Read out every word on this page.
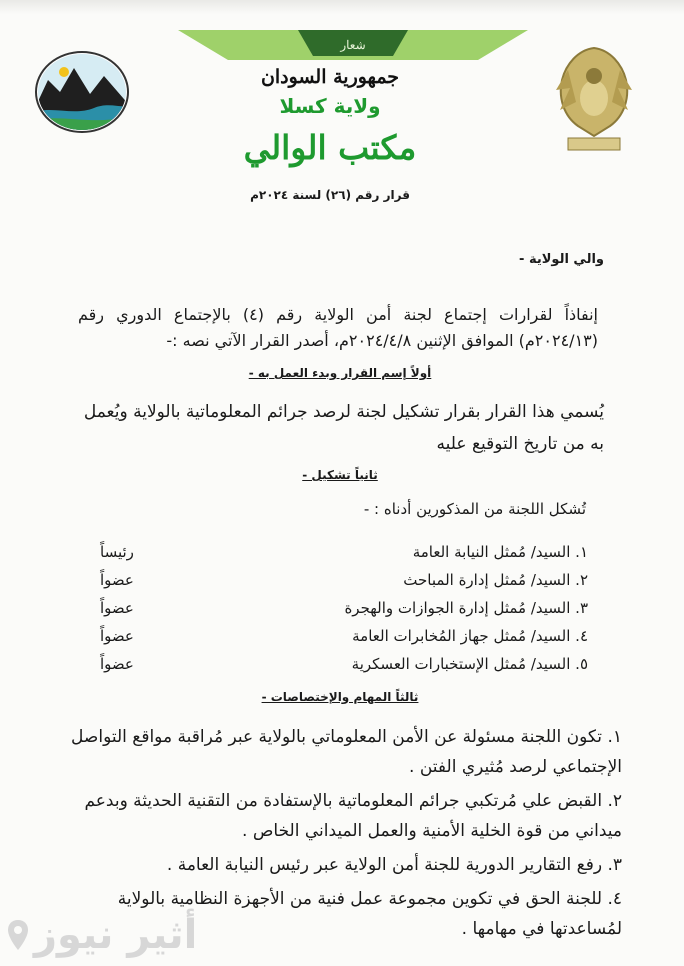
شعار
جمهورية السودان
ولاية كسلا
مكتب الوالي
قرار رقم (٢٦) لسنة ٢٠٢٤م
والي الولاية -
إنفاذاً لقرارات إجتماع لجنة أمن الولاية رقم (٤) بالإجتماع الدوري رقم (٢٠٢٤/١٣م) الموافق الإثنين ٢٠٢٤/٤/٨م، أصدر القرار الآتي نصه :-
أولاً إسم القرار وبدء العمل به -
يُسمي هذا القرار بقرار تشكيل لجنة لرصد جرائم المعلوماتية بالولاية ويُعمل به من تاريخ التوقيع عليه
ثانياً تشكيل -
تُشكل اللجنة من المذكورين أدناه : -
١. السيد/ مُمثل النيابة العامة
رئيساً
٢. السيد/ مُمثل إدارة المباحث
عضواً
٣. السيد/ مُمثل إدارة الجوازات والهجرة
عضواً
٤. السيد/ مُمثل جهاز المُخابرات العامة
عضواً
٥. السيد/ مُمثل الإستخبارات العسكرية
عضواً
ثالثاً المهام والإختصاصات -
١. تكون اللجنة مسئولة عن الأمن المعلوماتي بالولاية عبر مُراقبة مواقع التواصل الإجتماعي لرصد مُثيري الفتن .
٢. القبض علي مُرتكبي جرائم المعلوماتية بالإستفادة من التقنية الحديثة وبدعم ميداني من قوة الخلية الأمنية والعمل الميداني الخاص .
٣. رفع التقارير الدورية للجنة أمن الولاية عبر رئيس النيابة العامة .
٤. للجنة الحق في تكوين مجموعة عمل فنية من الأجهزة النظامية بالولاية لمُساعدتها في مهامها .
أثير نيوز
